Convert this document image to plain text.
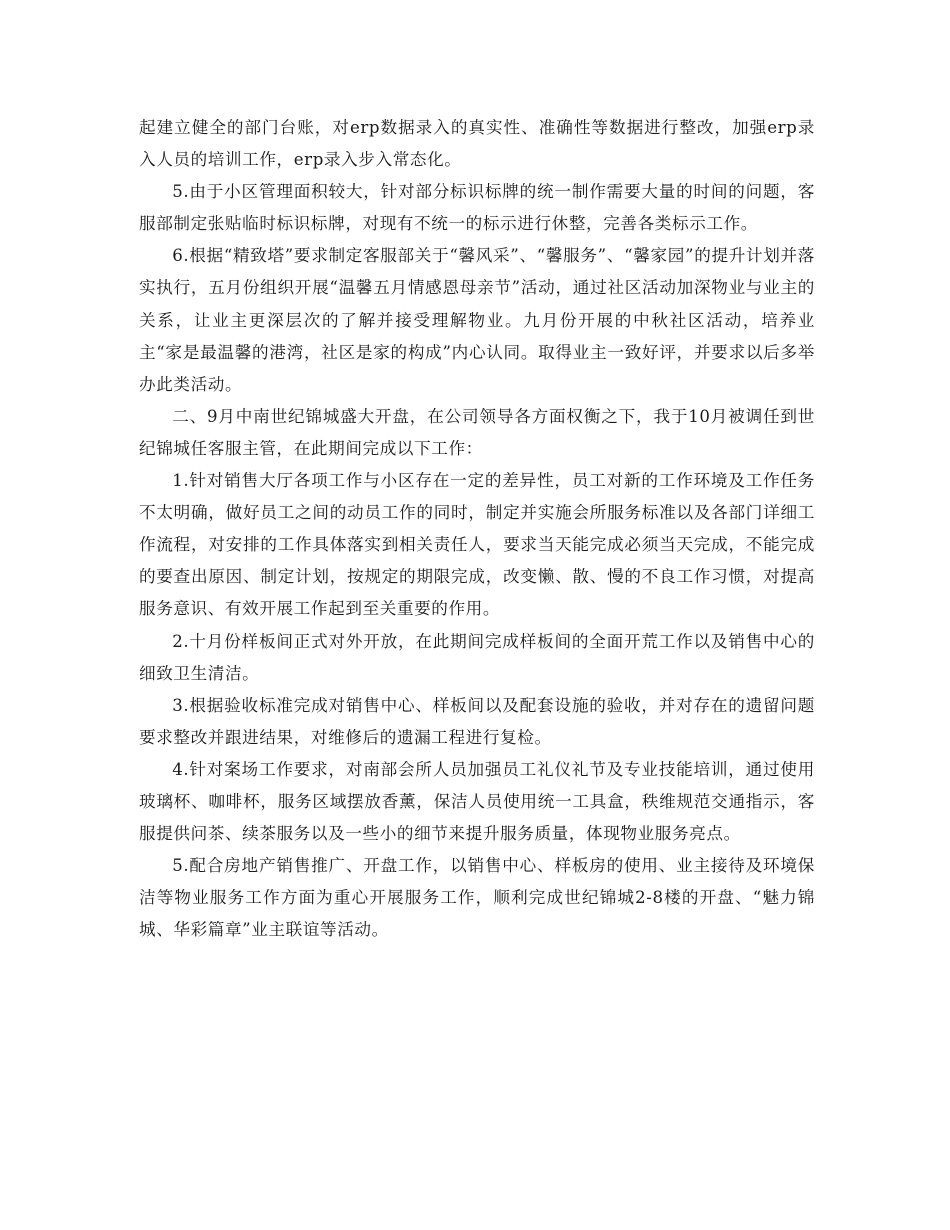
起建立健全的部门台账，对erp数据录入的真实性、准确性等数据进行整改，加强erp录入人员的培训工作，erp录入步入常态化。

5.由于小区管理面积较大，针对部分标识标牌的统一制作需要大量的时间的问题，客服部制定张贴临时标识标牌，对现有不统一的标示进行休整，完善各类标示工作。

6.根据“精致塔”要求制定客服部关于“馨风采”、“馨服务”、“馨家园”的提升计划并落实执行，五月份组织开展“温馨五月情感恩母亲节”活动，通过社区活动加深物业与业主的关系，让业主更深层次的了解并接受理解物业。九月份开展的中秋社区活动，培养业主“家是最温馨的港湾，社区是家的构成”内心认同。取得业主一致好评，并要求以后多举办此类活动。

二、9月中南世纪锦城盛大开盘，在公司领导各方面权衡之下，我于10月被调任到世纪锦城任客服主管，在此期间完成以下工作：

1.针对销售大厅各项工作与小区存在一定的差异性，员工对新的工作环境及工作任务不太明确，做好员工之间的动员工作的同时，制定并实施会所服务标准以及各部门详细工作流程，对安排的工作具体落实到相关责任人，要求当天能完成必须当天完成，不能完成的要查出原因、制定计划，按规定的期限完成，改变懒、散、慢的不良工作习惯，对提高服务意识、有效开展工作起到至关重要的作用。

2.十月份样板间正式对外开放，在此期间完成样板间的全面开荒工作以及销售中心的细致卫生清洁。

3.根据验收标准完成对销售中心、样板间以及配套设施的验收，并对存在的遗留问题要求整改并跟进结果，对维修后的遗漏工程进行复检。

4.针对案场工作要求，对南部会所人员加强员工礼仪礼节及专业技能培训，通过使用玻璃杯、咖啡杯，服务区域摆放香薰，保洁人员使用统一工具盒，秩维规范交通指示，客服提供问茶、续茶服务以及一些小的细节来提升服务质量，体现物业服务亮点。

5.配合房地产销售推广、开盘工作，以销售中心、样板房的使用、业主接待及环境保洁等物业服务工作方面为重心开展服务工作，顺利完成世纪锦城2-8楼的开盘、“魅力锦城、华彩篇章”业主联谊等活动。
